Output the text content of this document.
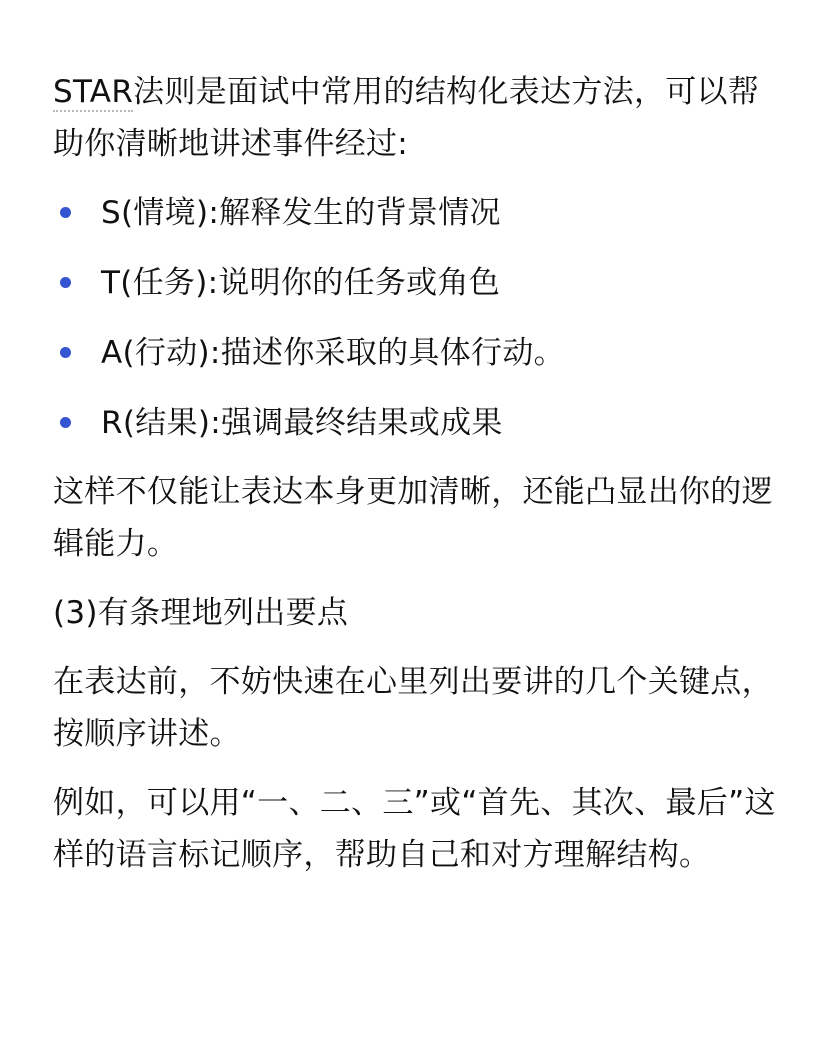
STAR法则是面试中常用的结构化表达方法，可以帮助你清晰地讲述事件经过:

S(情境):解释发生的背景情况
T(任务):说明你的任务或角色
A(行动):描述你采取的具体行动。
R(结果):强调最终结果或成果

这样不仅能让表达本身更加清晰，还能凸显出你的逻辑能力。

(3)有条理地列出要点

在表达前，不妨快速在心里列出要讲的几个关键点，按顺序讲述。

例如，可以用“一、二、三”或“首先、其次、最后”这样的语言标记顺序，帮助自己和对方理解结构。
